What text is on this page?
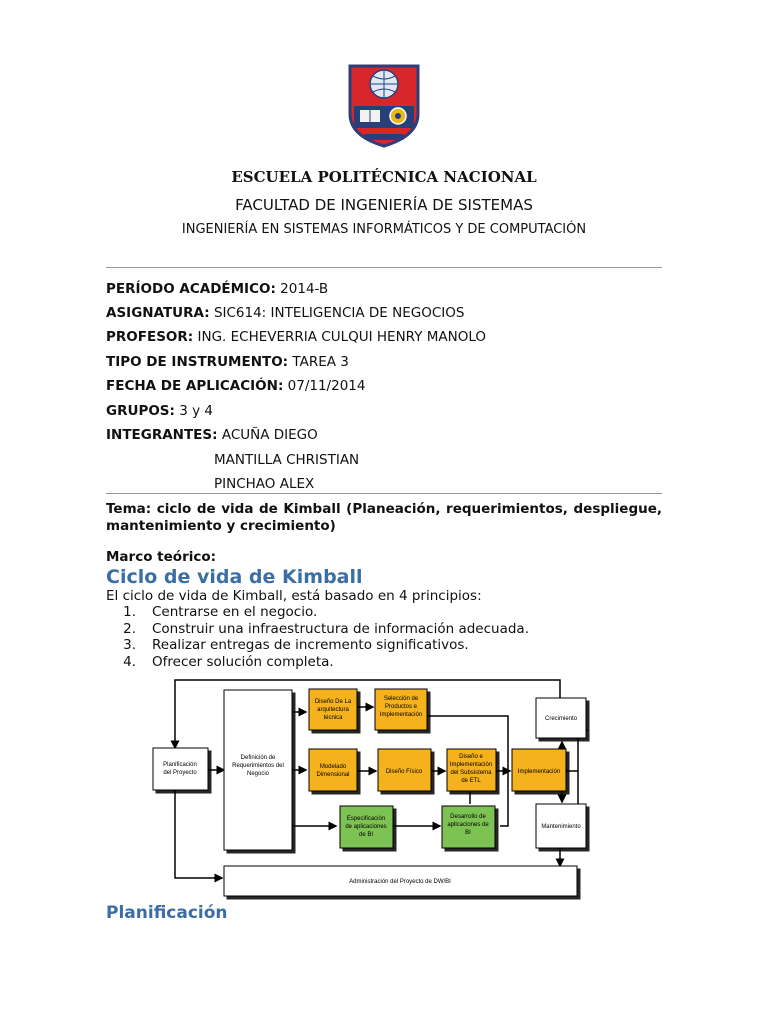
ESCUELA POLITÉCNICA NACIONAL
FACULTAD DE INGENIERÍA DE SISTEMAS
INGENIERÍA EN SISTEMAS INFORMÁTICOS Y DE COMPUTACIÓN
PERÍODO ACADÉMICO: 2014-B
ASIGNATURA: SIC614: INTELIGENCIA DE NEGOCIOS
PROFESOR: ING. ECHEVERRIA CULQUI HENRY MANOLO
TIPO DE INSTRUMENTO: TAREA 3
FECHA DE APLICACIÓN: 07/11/2014
GRUPOS: 3 y 4
INTEGRANTES: ACUÑA DIEGO
MANTILLA CHRISTIAN
PINCHAO ALEX
Tema: ciclo de vida de Kimball (Planeación, requerimientos, despliegue, mantenimiento y crecimiento)
Marco teórico:
Ciclo de vida de Kimball
El ciclo de vida de Kimball, está basado en 4 principios:
1. Centrarse en el negocio.
2. Construir una infraestructura de información adecuada.
3. Realizar entregas de incremento significativos.
4. Ofrecer solución completa.
Planificación
del Proyecto
Definición de
Requerimientos del
Negocio
Diseño De La
arquitectura
técnica
Selección de
Productos e
Implementación
Modelado
Dimensional	Diseño Físico
Diseño e
Implementación
del Subsistema
de ETL
Implementación
Especificación
de aplicaciones
de BI
Desarrollo de
aplicaciones de
BI
Crecimiento
Mantenimiento
Administración del Proyecto de DW/BI
Planificación
